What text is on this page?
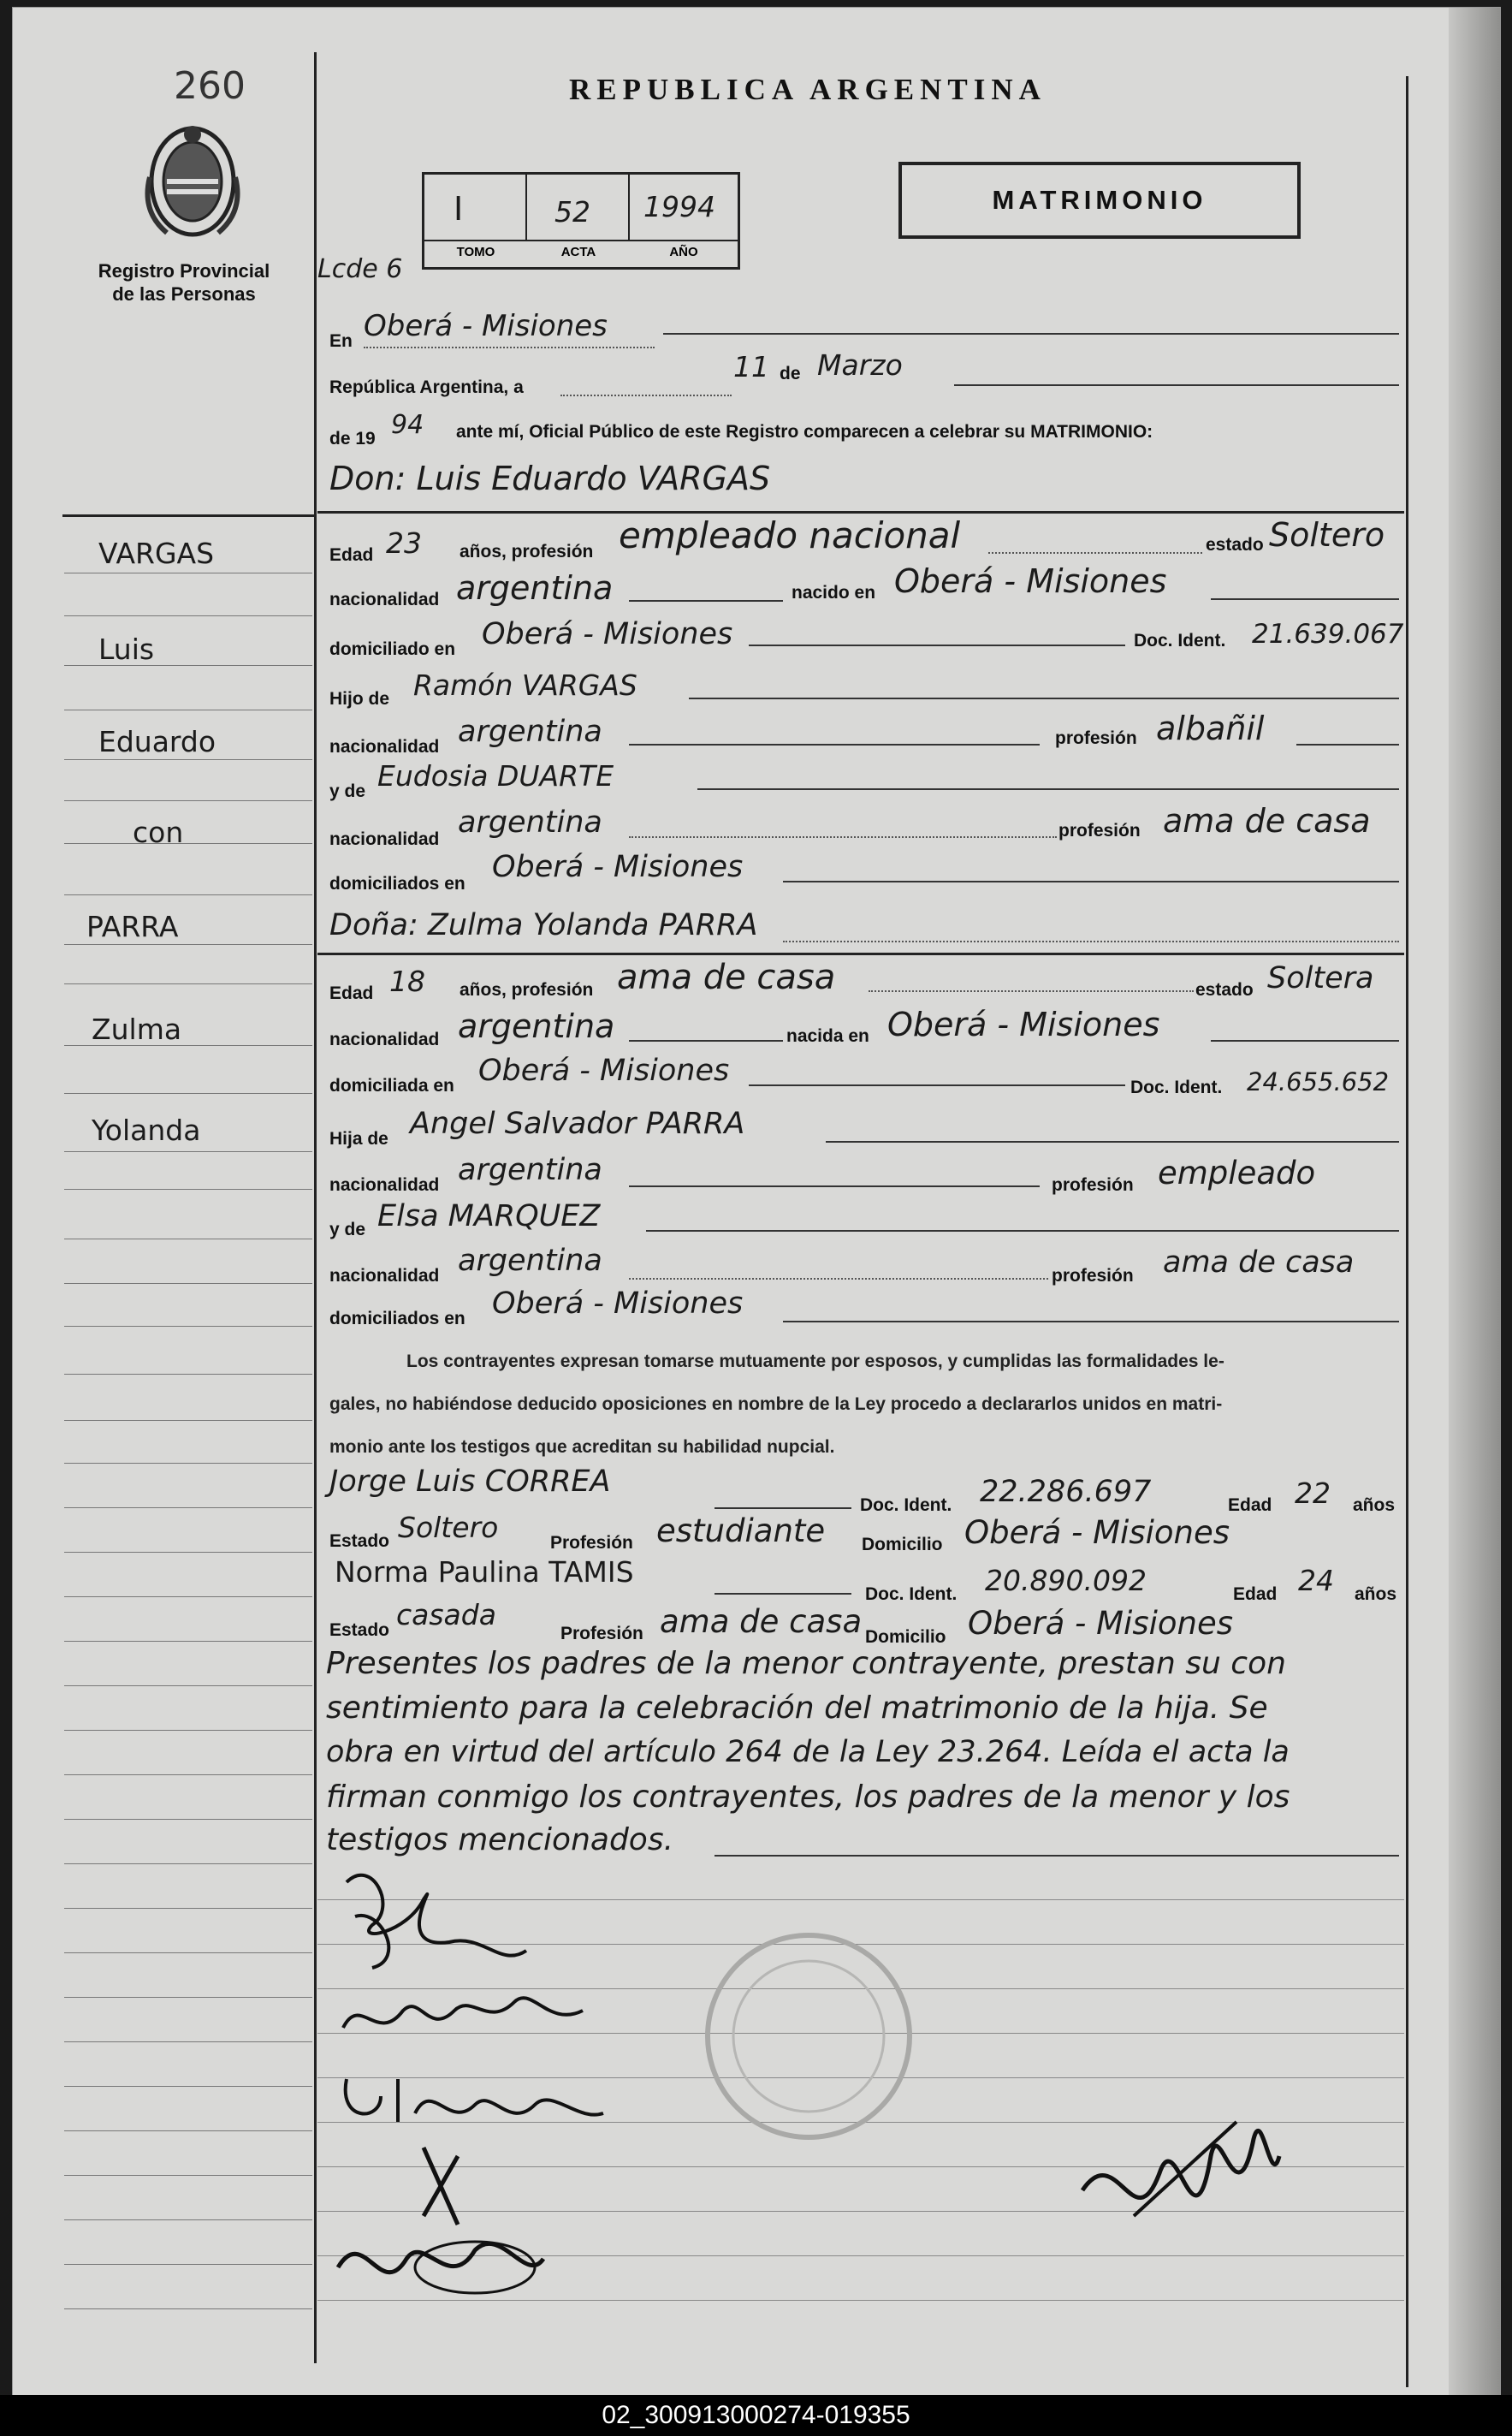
260
Registro Provincial de las Personas
VARGAS
Luis
Eduardo
con
PARRA
Zulma
Yolanda
REPUBLICA ARGENTINA
MATRIMONIO
Lcde 6
I	52 1994
TOMO	ACTA	AÑO
En Oberá - Misiones
República Argentina, a
11 de Marzo
de 19 94 ante mí, Oficial Público de este Registro comparecen a celebrar su MATRIMONIO:
Don: Luis Eduardo VARGAS
Edad 23 años, profesión empleado nacional	estado Soltero
nacionalidad argentina	nacido en Oberá - Misiones
domiciliado en Oberá - Misiones	Doc. Ident. 21.639.067
Hijo de Ramón VARGAS
nacionalidad argentina	profesión albañil
y de Eudosia DUARTE
nacionalidad argentina	profesión ama de casa
domiciliados en Oberá - Misiones
Doña: Zulma Yolanda PARRA
Edad 18 años, profesión ama de casa	estado Soltera
nacionalidad argentina	nacida en Oberá - Misiones
domiciliada en Oberá - Misiones	Doc. Ident. 24.655.652
Hija de Angel Salvador PARRA
nacionalidad argentina	profesión empleado
y de Elsa MARQUEZ
nacionalidad argentina	profesión ama de casa
domiciliados en Oberá - Misiones
Los contrayentes expresan tomarse mutuamente por esposos, y cumplidas las formalidades le-
gales, no habiéndose deducido oposiciones en nombre de la Ley procedo a declararlos unidos en matri-
monio ante los testigos que acreditan su habilidad nupcial.
Jorge Luis CORREA
Doc. Ident. 22.286.697	Edad 22 años
Estado Soltero	Profesión estudiante Domicilio Oberá - Misiones
Norma Paulina TAMIS
Doc. Ident. 20.890.092	Edad 24 años
Estado casada
Profesión ama de casa Domicilio Oberá - Misiones
Presentes los padres de la menor contrayente, prestan su con
sentimiento para la celebración del matrimonio de la hija. Se
obra en virtud del artículo 264 de la Ley 23.264. Leída el acta la
firman conmigo los contrayentes, los padres de la menor y los
testigos mencionados.
02_300913000274-019355
